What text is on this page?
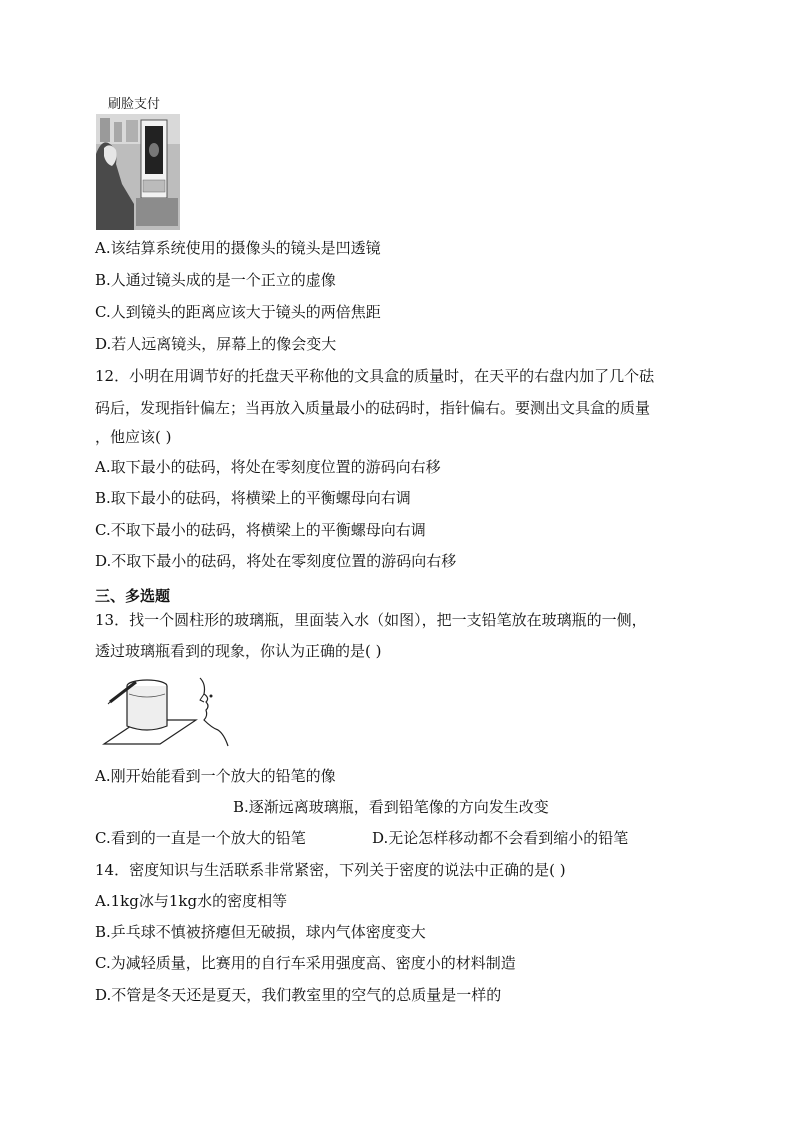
刷脸支付
A.该结算系统使用的摄像头的镜头是凹透镜
B.人通过镜头成的是一个正立的虚像
C.人到镜头的距离应该大于镜头的两倍焦距
D.若人远离镜头，屏幕上的像会变大
12．小明在用调节好的托盘天平称他的文具盒的质量时，在天平的右盘内加了几个砝
码后，发现指针偏左；当再放入质量最小的砝码时，指针偏右。要测出文具盒的质量
，他应该( )
A.取下最小的砝码，将处在零刻度位置的游码向右移
B.取下最小的砝码，将横梁上的平衡螺母向右调
C.不取下最小的砝码，将横梁上的平衡螺母向右调
D.不取下最小的砝码，将处在零刻度位置的游码向右移
三、多选题
13．找一个圆柱形的玻璃瓶，里面装入水（如图），把一支铅笔放在玻璃瓶的一侧，
透过玻璃瓶看到的现象，你认为正确的是( )
A.刚开始能看到一个放大的铅笔的像
B.逐渐远离玻璃瓶，看到铅笔像的方向发生改变
C.看到的一直是一个放大的铅笔	D.无论怎样移动都不会看到缩小的铅笔
14．密度知识与生活联系非常紧密，下列关于密度的说法中正确的是( )
A.1kg冰与1kg水的密度相等
B.乒乓球不慎被挤瘪但无破损，球内气体密度变大
C.为减轻质量，比赛用的自行车采用强度高、密度小的材料制造
D.不管是冬天还是夏天，我们教室里的空气的总质量是一样的
